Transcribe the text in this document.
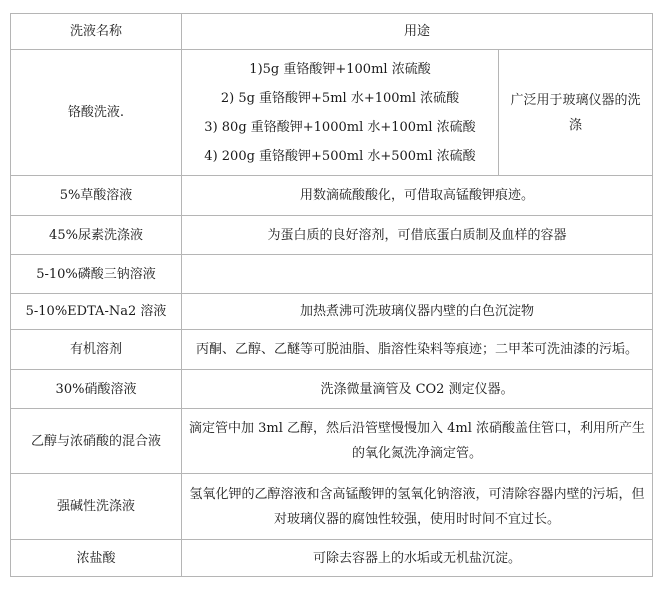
洗液名称	用途	
铬酸洗液.	1)5g 重铬酸钾+100ml 浓硫酸
2) 5g 重铬酸钾+5ml 水+100ml 浓硫酸
3) 80g 重铬酸钾+1000ml 水+100ml 浓硫酸
4) 200g 重铬酸钾+500ml 水+500ml 浓硫酸	广泛用于玻璃仪器的洗涤
5%草酸溶液	用数滴硫酸酸化，可借取高锰酸钾痕迹。	
45%尿素洗涤液	为蛋白质的良好溶剂，可借底蛋白质制及血样的容器	
5-10%磷酸三钠溶液		
5-10%EDTA-Na2 溶液	加热煮沸可洗玻璃仪器内壁的白色沉淀物	
有机溶剂	丙酮、乙醇、乙醚等可脱油脂、脂溶性染料等痕迹；二甲苯可洗油漆的污垢。	
30%硝酸溶液	洗涤微量滴管及 CO2 测定仪器。	
乙醇与浓硝酸的混合液	滴定管中加 3ml 乙醇，然后沿管壁慢慢加入 4ml 浓硝酸盖住管口，利用所产生的氧化氮洗净滴定管。	
强碱性洗涤液	氢氧化钾的乙醇溶液和含高锰酸钾的氢氧化钠溶液，可清除容器内壁的污垢，但对玻璃仪器的腐蚀性较强，使用时时间不宜过长。	
浓盐酸	可除去容器上的水垢或无机盐沉淀。	
